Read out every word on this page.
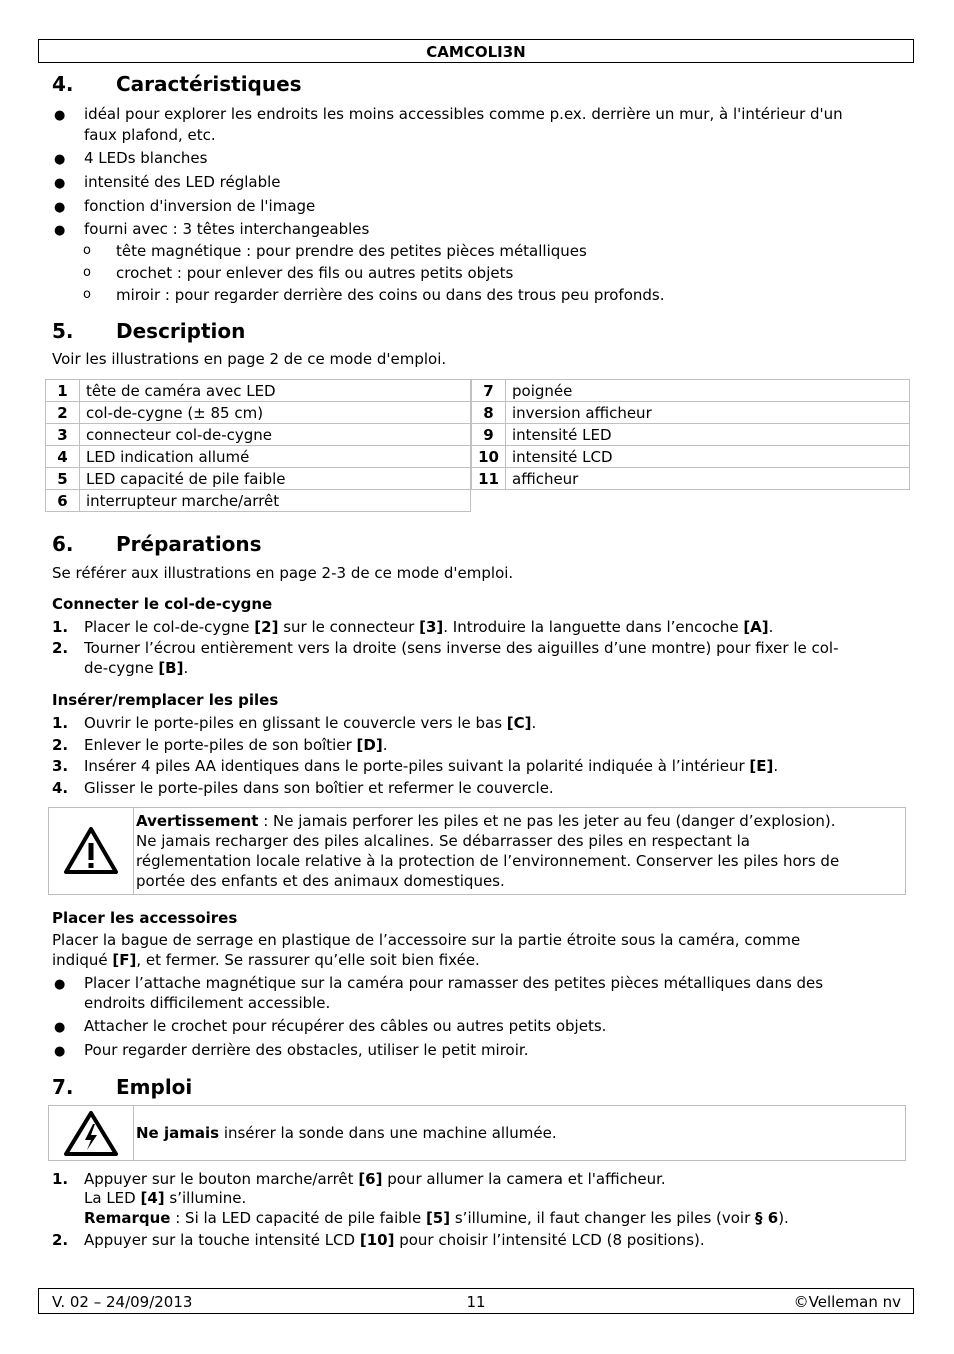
CAMCOLI3N
4. Caractéristiques
● idéal pour explorer les endroits les moins accessibles comme p.ex. derrière un mur, à l'intérieur d'un
faux plafond, etc.
● 4 LEDs blanches
● intensité des LED réglable
● fonction d'inversion de l'image
● fourni avec : 3 têtes interchangeables
o tête magnétique : pour prendre des petites pièces métalliques
o crochet : pour enlever des fils ou autres petits objets
o miroir : pour regarder derrière des coins ou dans des trous peu profonds.
5. Description
Voir les illustrations en page 2 de ce mode d'emploi.
1	tête de caméra avec LED
2	col-de-cygne (± 85 cm)
3	connecteur col-de-cygne
4	LED indication allumé
5	LED capacité de pile faible
6	interrupteur marche/arrêt
7	poignée
8	inversion afficheur
9	intensité LED
10	intensité LCD
11	afficheur
6. Préparations
Se référer aux illustrations en page 2-3 de ce mode d'emploi.
Connecter le col-de-cygne
1. Placer le col-de-cygne [2] sur le connecteur [3]. Introduire la languette dans l’encoche [A].
2. Tourner l’écrou entièrement vers la droite (sens inverse des aiguilles d’une montre) pour fixer le col-
de-cygne [B].
Insérer/remplacer les piles
1. Ouvrir le porte-piles en glissant le couvercle vers le bas [C].
2. Enlever le porte-piles de son boîtier [D].
3. Insérer 4 piles AA identiques dans le porte-piles suivant la polarité indiquée à l’intérieur [E].
4. Glisser le porte-piles dans son boîtier et refermer le couvercle.
Avertissement : Ne jamais perforer les piles et ne pas les jeter au feu (danger d’explosion).
Ne jamais recharger des piles alcalines. Se débarrasser des piles en respectant la
réglementation locale relative à la protection de l’environnement. Conserver les piles hors de
portée des enfants et des animaux domestiques.
Placer les accessoires
Placer la bague de serrage en plastique de l’accessoire sur la partie étroite sous la caméra, comme
indiqué [F], et fermer. Se rassurer qu’elle soit bien fixée.
● Placer l’attache magnétique sur la caméra pour ramasser des petites pièces métalliques dans des
endroits difficilement accessible.
● Attacher le crochet pour récupérer des câbles ou autres petits objets.
● Pour regarder derrière des obstacles, utiliser le petit miroir.
7. Emploi
Ne jamais insérer la sonde dans une machine allumée.
1. Appuyer sur le bouton marche/arrêt [6] pour allumer la camera et l'afficheur.
La LED [4] s’illumine.
Remarque : Si la LED capacité de pile faible [5] s’illumine, il faut changer les piles (voir § 6).
2. Appuyer sur la touche intensité LCD [10] pour choisir l’intensité LCD (8 positions).
V. 02 – 24/09/2013	11	©Velleman nv
